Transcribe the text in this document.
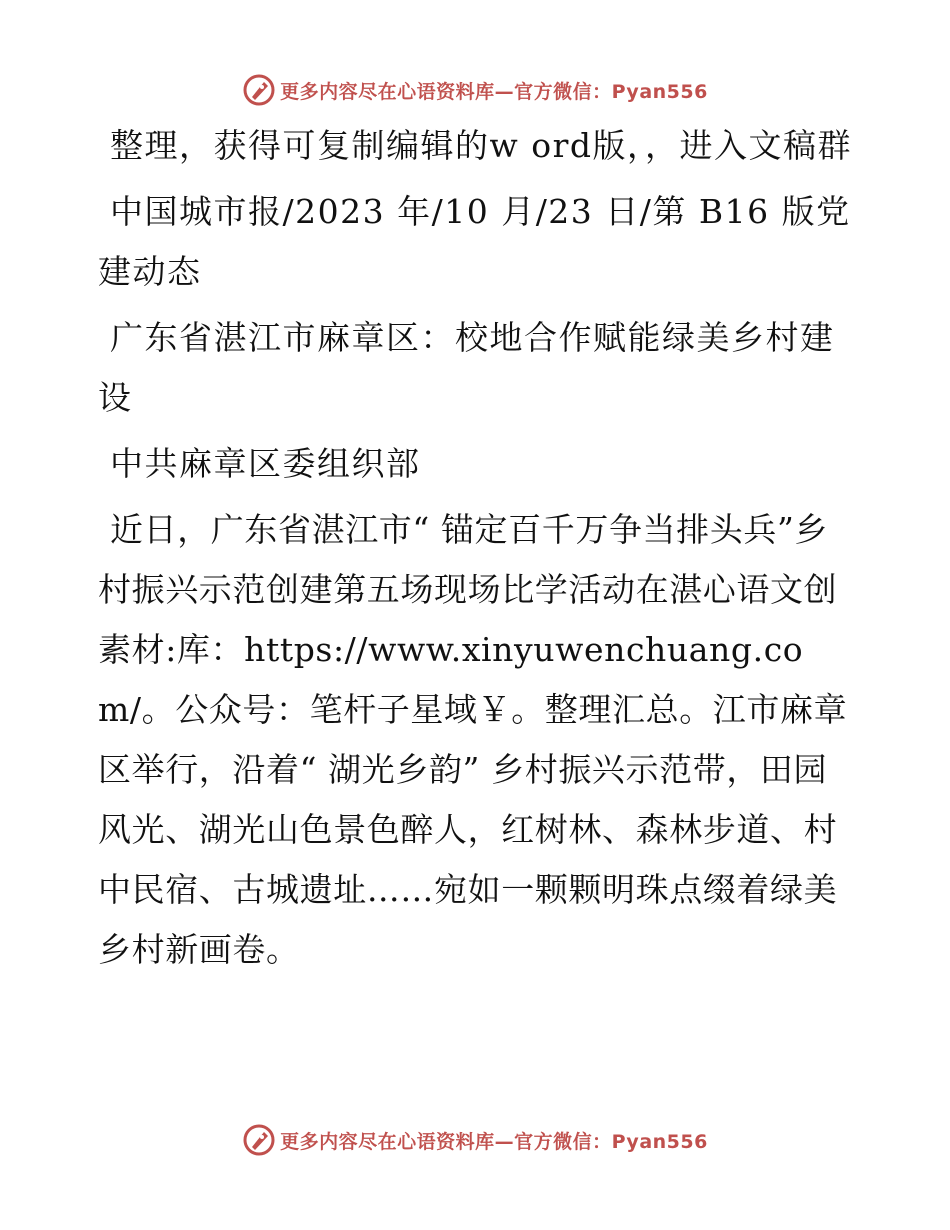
更多内容尽在心语资料库—官方微信：Pyan556

整理，获得可复制编辑的w ord版，，进入文稿群

中国城市报/2023 年/10 月/23 日/第 B16 版党建动态

广东省湛江市麻章区：校地合作赋能绿美乡村建设

中共麻章区委组织部

近日，广东省湛江市“ 锚定百千万争当排头兵”乡村振兴示范创建第五场现场比学活动在湛心语文创素材:库：https://www.xinyuwenchuang.com/。公众号：笔杆子星域￥。整理汇总。江市麻章区举行，沿着“ 湖光乡韵” 乡村振兴示范带，田园风光、湖光山色景色醉人，红树林、森林步道、村中民宿、古城遗址……宛如一颗颗明珠点缀着绿美乡村新画卷。

更多内容尽在心语资料库—官方微信：Pyan556
